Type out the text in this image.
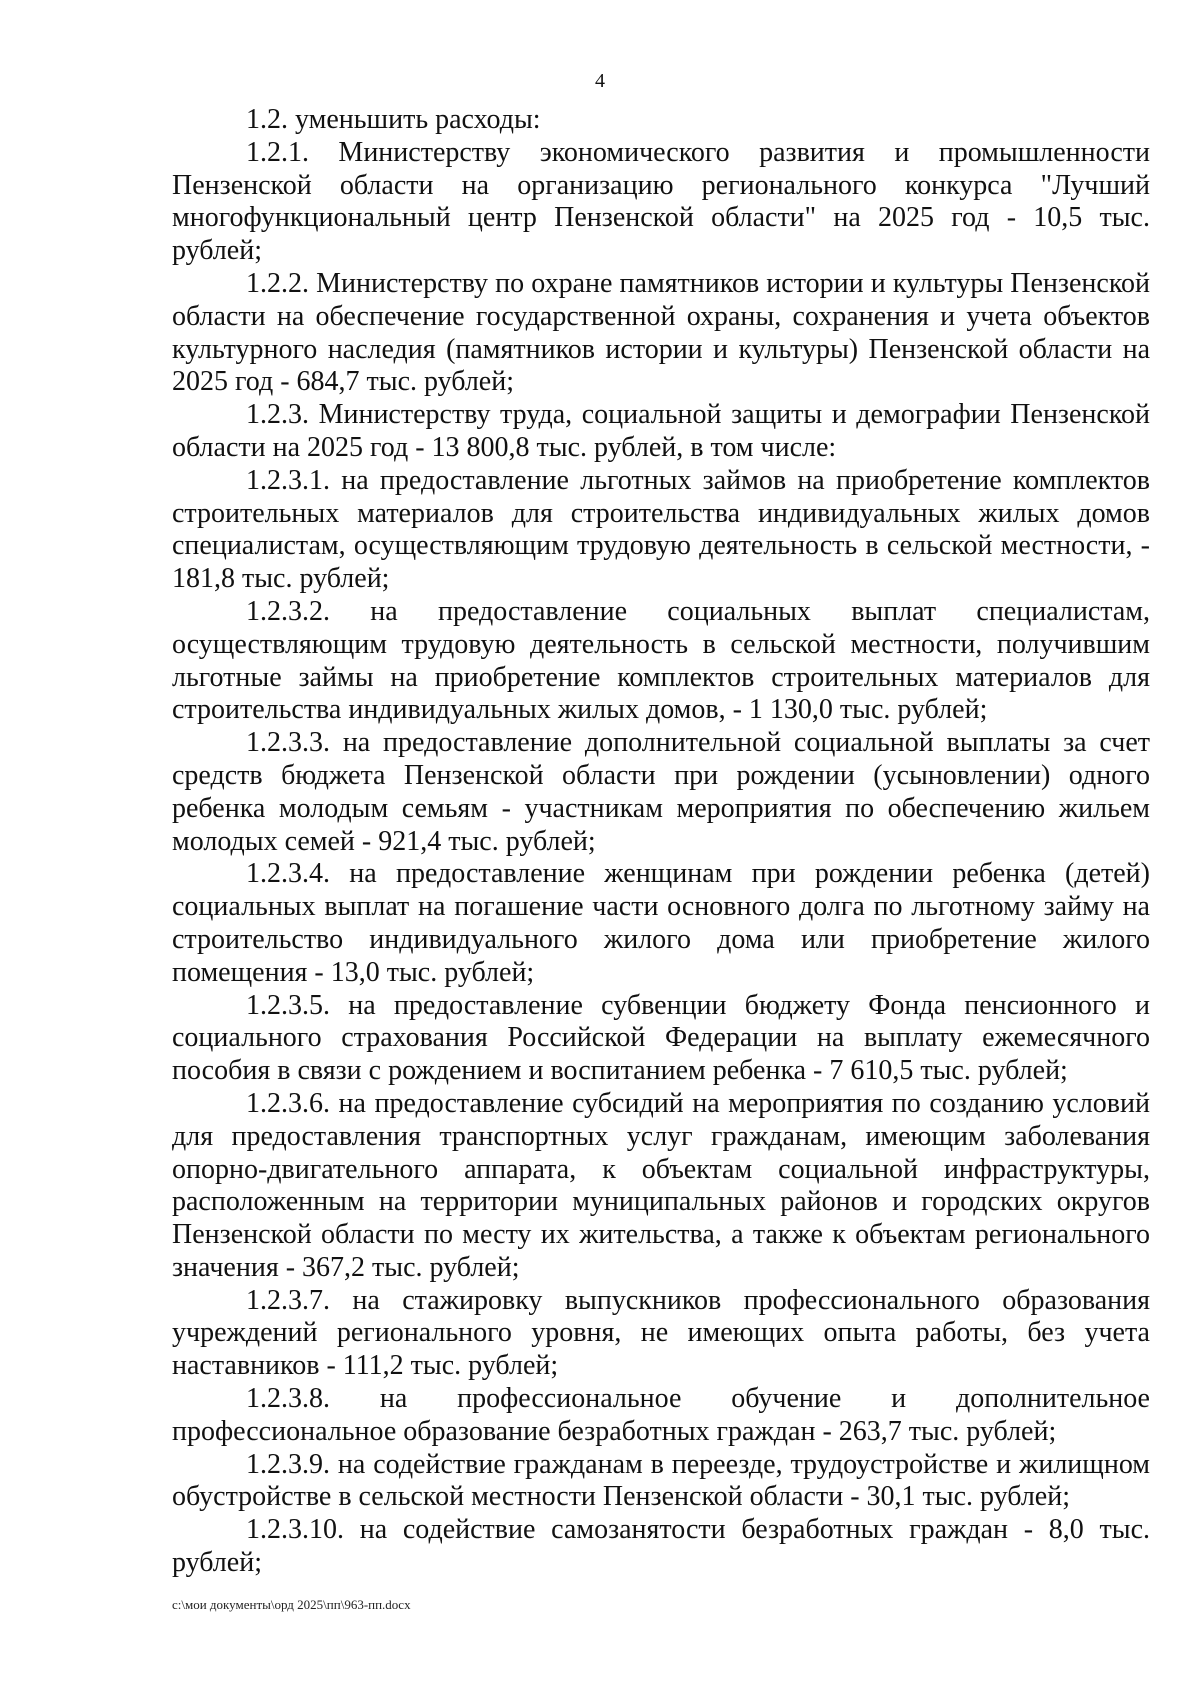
4

1.2. уменьшить расходы:

1.2.1. Министерству экономического развития и промышленности Пензенской области на организацию регионального конкурса "Лучший многофункциональный центр Пензенской области" на 2025 год - 10,5 тыс. рублей;

1.2.2. Министерству по охране памятников истории и культуры Пензенской области на обеспечение государственной охраны, сохранения и учета объектов культурного наследия (памятников истории и культуры) Пензенской области на 2025 год - 684,7 тыс. рублей;

1.2.3. Министерству труда, социальной защиты и демографии Пензенской области на 2025 год - 13 800,8 тыс. рублей, в том числе:

1.2.3.1. на предоставление льготных займов на приобретение комплектов строительных материалов для строительства индивидуальных жилых домов специалистам, осуществляющим трудовую деятельность в сельской местности, - 181,8 тыс. рублей;

1.2.3.2. на предоставление социальных выплат специалистам, осуществляющим трудовую деятельность в сельской местности, получившим льготные займы на приобретение комплектов строительных материалов для строительства индивидуальных жилых домов, - 1 130,0 тыс. рублей;

1.2.3.3. на предоставление дополнительной социальной выплаты за счет средств бюджета Пензенской области при рождении (усыновлении) одного ребенка молодым семьям - участникам мероприятия по обеспечению жильем молодых семей - 921,4 тыс. рублей;

1.2.3.4. на предоставление женщинам при рождении ребенка (детей) социальных выплат на погашение части основного долга по льготному займу на строительство индивидуального жилого дома или приобретение жилого помещения - 13,0 тыс. рублей;

1.2.3.5. на предоставление субвенции бюджету Фонда пенсионного и социального страхования Российской Федерации на выплату ежемесячного пособия в связи с рождением и воспитанием ребенка - 7 610,5 тыс. рублей;

1.2.3.6. на предоставление субсидий на мероприятия по созданию условий для предоставления транспортных услуг гражданам, имеющим заболевания опорно-двигательного аппарата, к объектам социальной инфраструктуры, расположенным на территории муниципальных районов и городских округов Пензенской области по месту их жительства, а также к объектам регионального значения - 367,2 тыс. рублей;

1.2.3.7. на стажировку выпускников профессионального образования учреждений регионального уровня, не имеющих опыта работы, без учета наставников - 111,2 тыс. рублей;

1.2.3.8. на профессиональное обучение и дополнительное профессиональное образование безработных граждан - 263,7 тыс. рублей;

1.2.3.9. на содействие гражданам в переезде, трудоустройстве и жилищном обустройстве в сельской местности Пензенской области - 30,1 тыс. рублей;

1.2.3.10. на содействие самозанятости безработных граждан - 8,0 тыс. рублей;

c:\мои документы\орд 2025\пп\963-пп.docx
